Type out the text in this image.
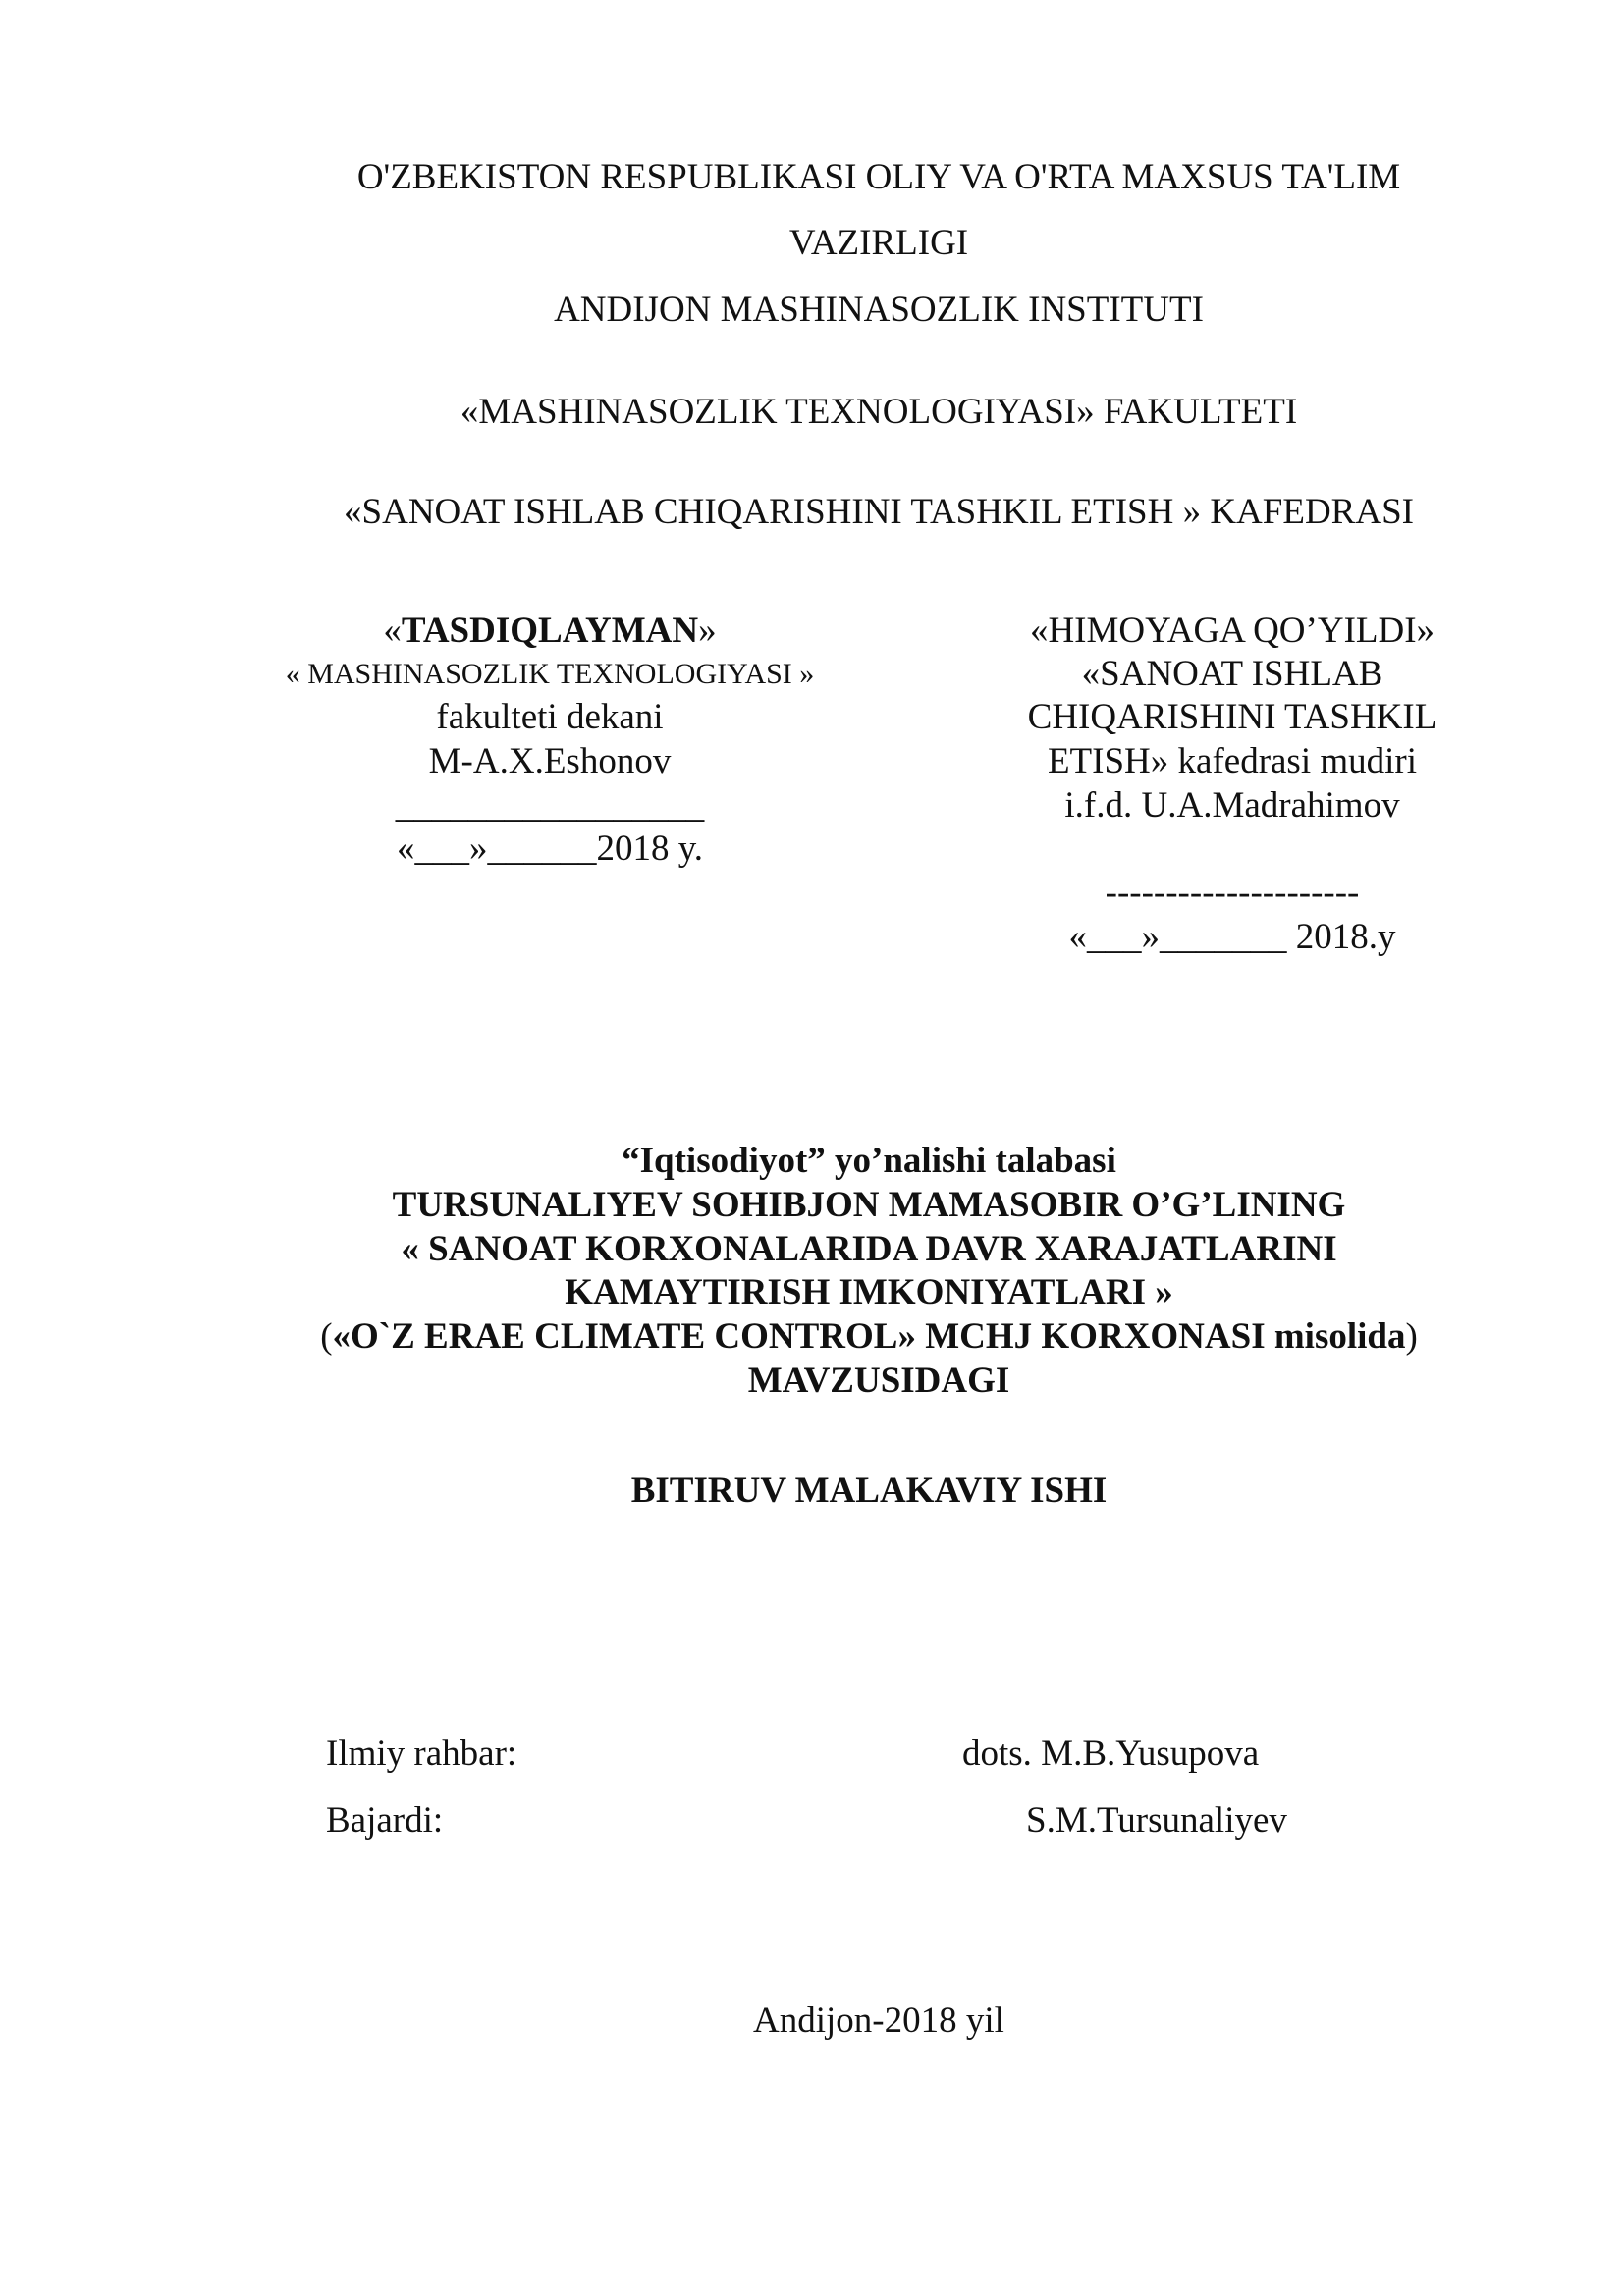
O'ZBEKISTON RESPUBLIKASI OLIY VA O'RTA MAXSUS TA'LIM
VAZIRLIGI
ANDIJON MASHINASOZLIK INSTITUTI
«MASHINASOZLIK TEXNOLOGIYASI» FAKULTETI
«SANOAT ISHLAB CHIQARISHINI TASHKIL ETISH » KAFEDRASI
«TASDIQLAYMAN»
« MASHINASOZLIK TEXNOLOGIYASI »
fakulteti dekani
M-A.X.Eshonov
_________________
«___»______2018 y.
«HIMOYAGA QO’YILDI»
«SANOAT ISHLAB
CHIQARISHINI TASHKIL
ETISH» kafedrasi mudiri
i.f.d. U.A.Madrahimov
---------------------
«___»_______ 2018.y
“Iqtisodiyot” yo’nalishi talabasi
TURSUNALIYEV SOHIBJON MAMASOBIR O’G’LINING
« SANOAT KORXONALARIDA DAVR XARAJATLARINI
KAMAYTIRISH IMKONIYATLARI »
(«O`Z ERAE CLIMATE CONTROL» MCHJ KORXONASI misolida)
MAVZUSIDAGI
BITIRUV MALAKAVIY ISHI
Ilmiy rahbar:	dots. M.B.Yusupova
Bajardi:	S.M.Tursunaliyev
Andijon-2018 yil
